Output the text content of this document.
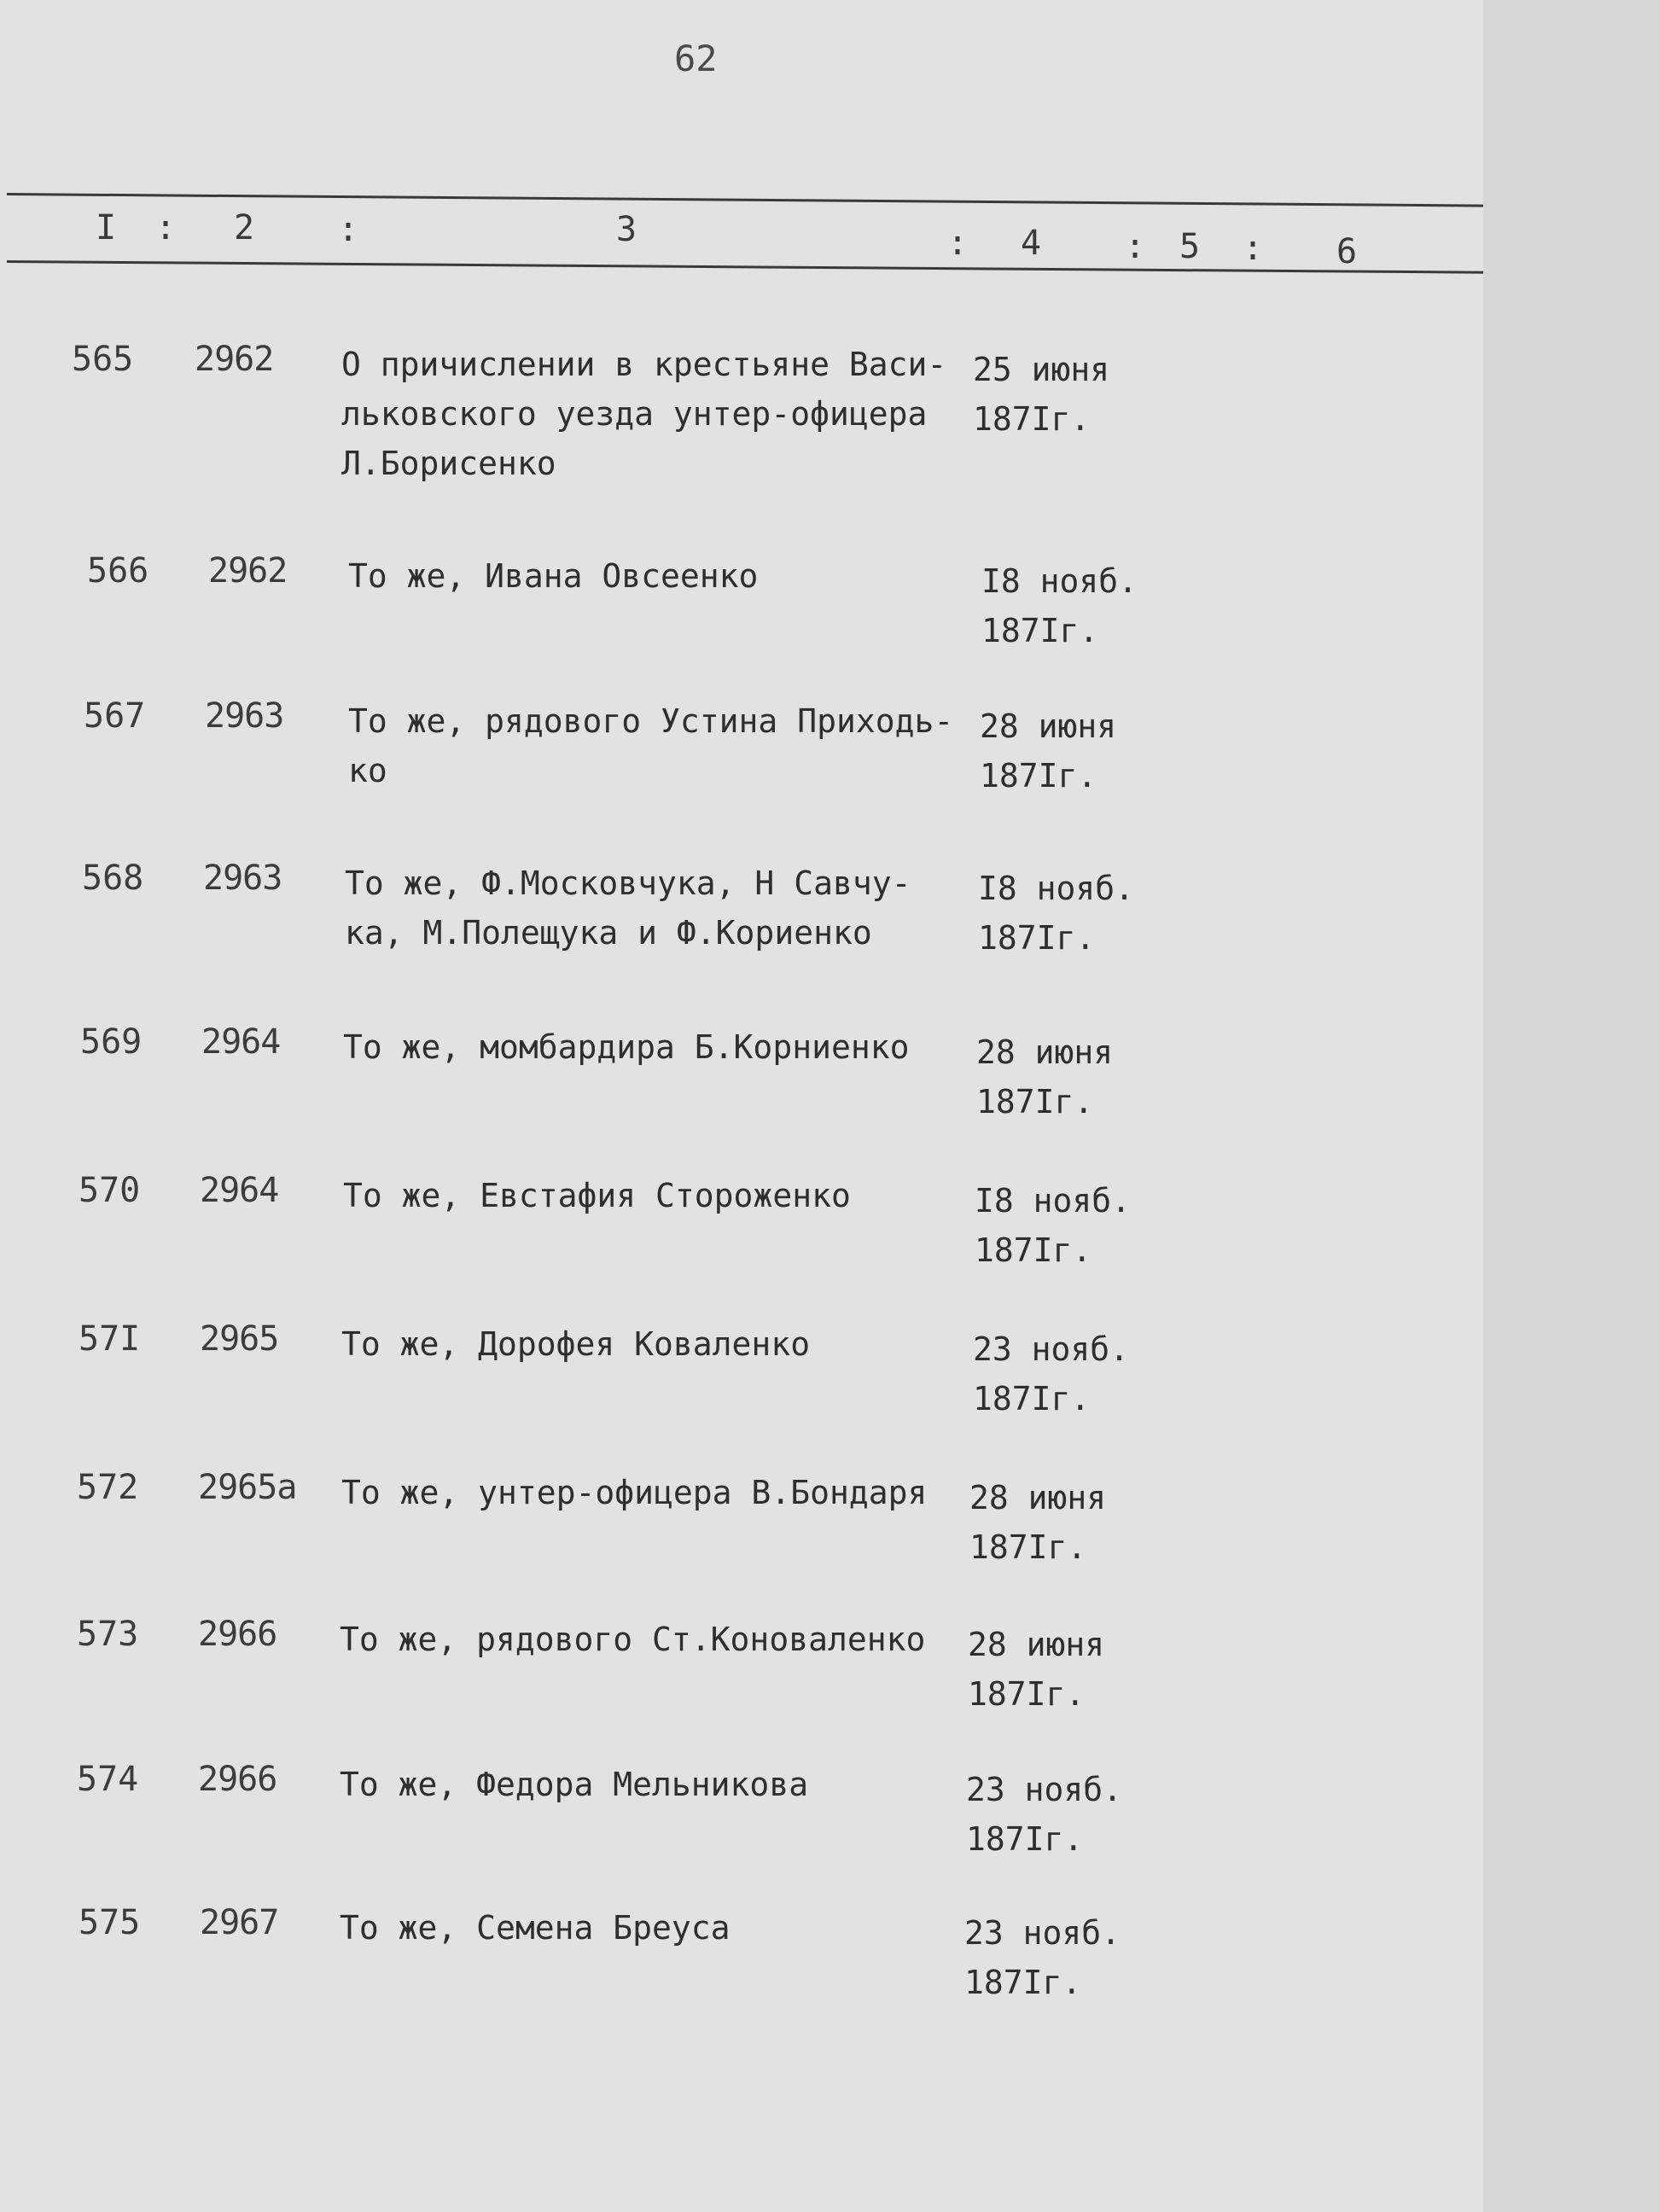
62
I : 2 :	3	: 4 : 5 : 6
565 2962 О причислении в крестьяне Васи-
льковского уезда унтер-офицера
Л.Борисенко
25 июня
187Iг.
566 2962 То же, Ивана Овсеенко	I8 нояб.
187Iг.
567 2963 То же, рядового Устина Приходь-
ко
28 июня
187Iг.
568 2963 То же, Ф.Московчука, Н Савчу-
ка, М.Полещука и Ф.Кориенко
I8 нояб.
187Iг.
569 2964 То же, момбардира Б.Корниенко	28 июня
187Iг.
570 2964 То же, Евстафия Стороженко	I8 нояб.
187Iг.
57I 2965 То же, Дорофея Коваленко	23 нояб.
187Iг.
572 2965а То же, унтер-офицера В.Бондаря	28 июня
187Iг.
573 2966 То же, рядового Ст.Коноваленко	28 июня
187Iг.
574 2966 То же, Федора Мельникова	23 нояб.
187Iг.
575 2967 То же, Семена Бреуса	23 нояб.
187Iг.
